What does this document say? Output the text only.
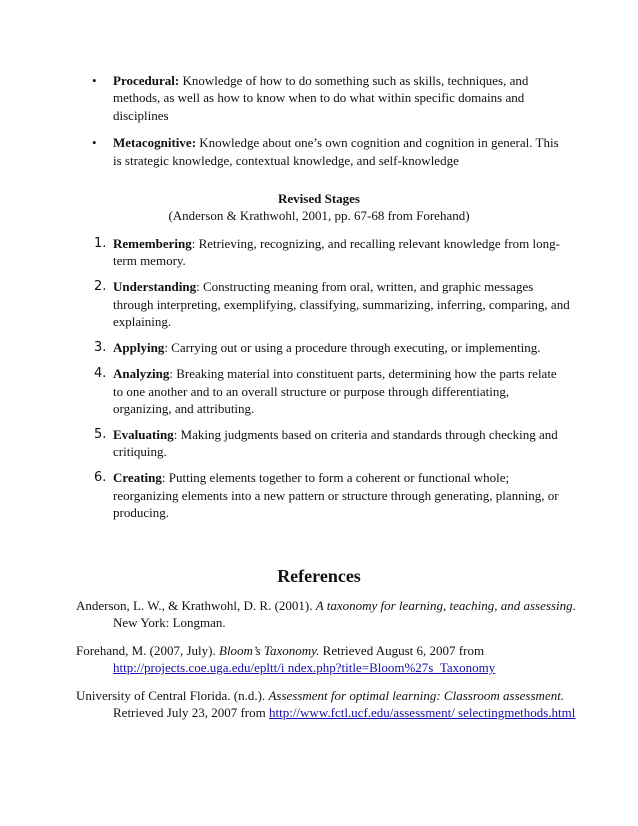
• Procedural: Knowledge of how to do something such as skills, techniques, and methods, as well as how to know when to do what within specific domains and disciplines
• Metacognitive: Knowledge about one’s own cognition and cognition in general. This is strategic knowledge, contextual knowledge, and self-knowledge
Revised Stages
(Anderson & Krathwohl, 2001, pp. 67-68 from Forehand)
1. Remembering: Retrieving, recognizing, and recalling relevant knowledge from long-term memory.
2. Understanding: Constructing meaning from oral, written, and graphic messages through interpreting, exemplifying, classifying, summarizing, inferring, comparing, and explaining.
3. Applying: Carrying out or using a procedure through executing, or implementing.
4. Analyzing: Breaking material into constituent parts, determining how the parts relate to one another and to an overall structure or purpose through differentiating, organizing, and attributing.
5. Evaluating: Making judgments based on criteria and standards through checking and critiquing.
6. Creating: Putting elements together to form a coherent or functional whole; reorganizing elements into a new pattern or structure through generating, planning, or producing.
References
Anderson, L. W., & Krathwohl, D. R. (2001). A taxonomy for learning, teaching, and assessing. New York: Longman.
Forehand, M. (2007, July). Bloom’s Taxonomy. Retrieved August 6, 2007 from
http://projects.coe.uga.edu/epltt/i ndex.php?title=Bloom%27s_Taxonomy
University of Central Florida. (n.d.). Assessment for optimal learning: Classroom assessment. Retrieved July 23, 2007 from http://www.fctl.ucf.edu/assessment/ selectingmethods.html
